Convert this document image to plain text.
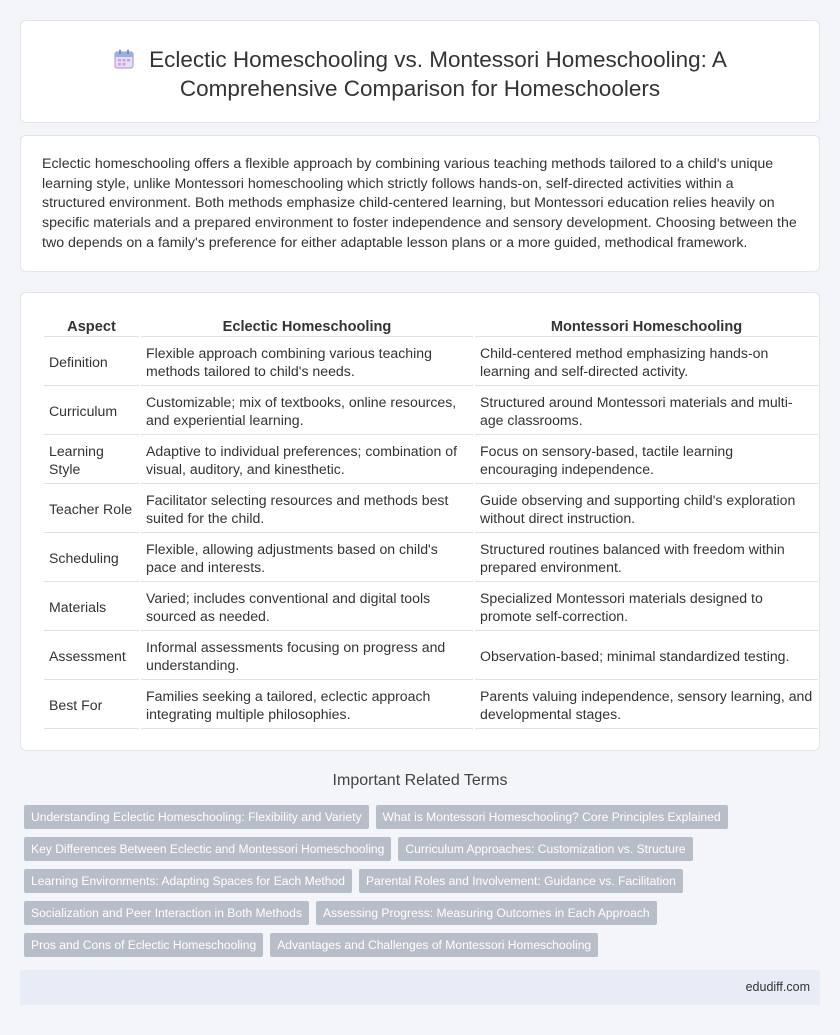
Eclectic Homeschooling vs. Montessori Homeschooling: A
Comprehensive Comparison for Homeschoolers

Eclectic homeschooling offers a flexible approach by combining various teaching methods tailored to a child's unique learning style, unlike Montessori homeschooling which strictly follows hands-on, self-directed activities within a structured environment. Both methods emphasize child-centered learning, but Montessori education relies heavily on specific materials and a prepared environment to foster independence and sensory development. Choosing between the two depends on a family's preference for either adaptable lesson plans or a more guided, methodical framework.

Aspect	Eclectic Homeschooling	Montessori Homeschooling
Definition	Flexible approach combining various teaching methods tailored to child's needs.	Child-centered method emphasizing hands-on learning and self-directed activity.
Curriculum	Customizable; mix of textbooks, online resources, and experiential learning.	Structured around Montessori materials and multi-age classrooms.
Learning Style	Adaptive to individual preferences; combination of visual, auditory, and kinesthetic.	Focus on sensory-based, tactile learning encouraging independence.
Teacher Role	Facilitator selecting resources and methods best suited for the child.	Guide observing and supporting child's exploration without direct instruction.
Scheduling	Flexible, allowing adjustments based on child's pace and interests.	Structured routines balanced with freedom within prepared environment.
Materials	Varied; includes conventional and digital tools sourced as needed.	Specialized Montessori materials designed to promote self-correction.
Assessment	Informal assessments focusing on progress and understanding.	Observation-based; minimal standardized testing.
Best For	Families seeking a tailored, eclectic approach integrating multiple philosophies.	Parents valuing independence, sensory learning, and developmental stages.
Important Related Terms
Understanding Eclectic Homeschooling: Flexibility and Variety	What is Montessori Homeschooling? Core Principles Explained
Key Differences Between Eclectic and Montessori Homeschooling	Curriculum Approaches: Customization vs. Structure
Learning Environments: Adapting Spaces for Each Method	Parental Roles and Involvement: Guidance vs. Facilitation
Socialization and Peer Interaction in Both Methods	Assessing Progress: Measuring Outcomes in Each Approach
Pros and Cons of Eclectic Homeschooling	Advantages and Challenges of Montessori Homeschooling
edudiff.com
